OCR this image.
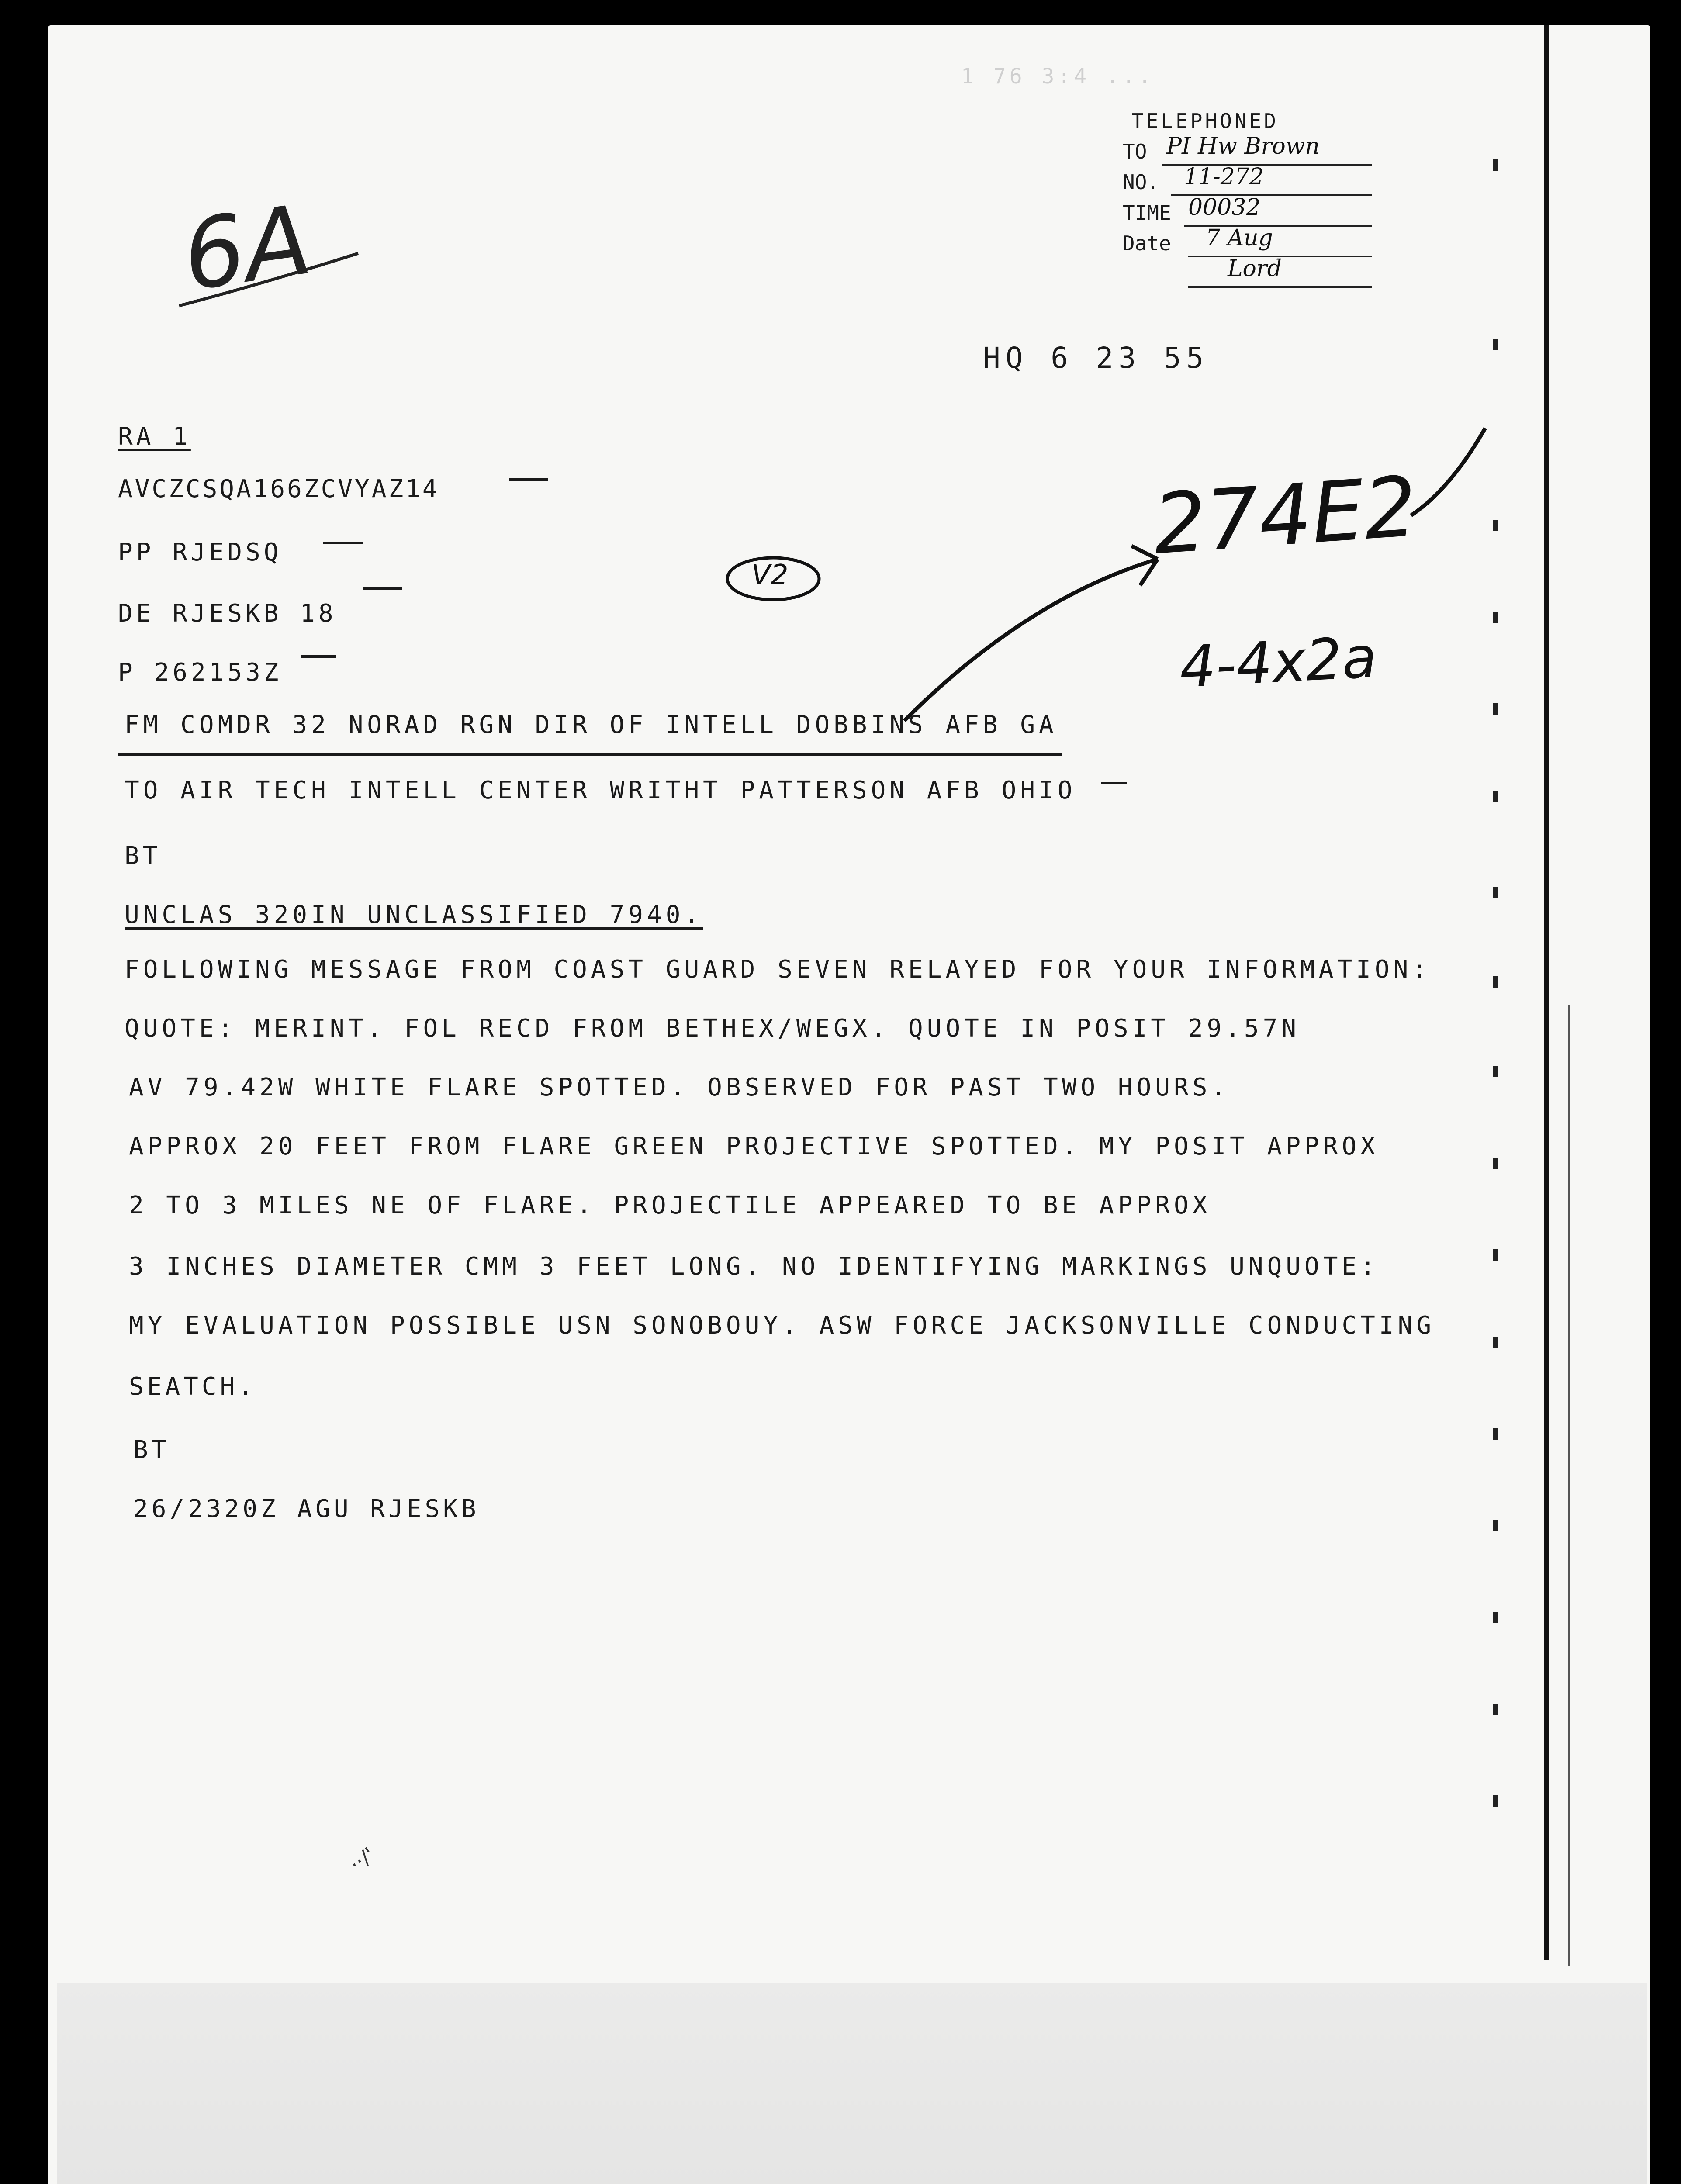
1 76 3:4 ...
6A
TELEPHONED
TO PI Hw Brown
NO. 11-272
TIME 00032
Date 7 Aug
Lord
HQ 6 23 55
RA 1
AVCZCSQA166ZCVYAZ14
PP RJEDSQ
DE RJESKB 18
P 262153Z
FM COMDR 32 NORAD RGN DIR OF INTELL DOBBINS AFB GA
TO AIR TECH INTELL CENTER WRITHT PATTERSON AFB OHIO
BT
UNCLAS 320IN UNCLASSIFIED 7940.
FOLLOWING MESSAGE FROM COAST GUARD SEVEN RELAYED FOR YOUR INFORMATION:
QUOTE: MERINT. FOL RECD FROM BETHEX/WEGX. QUOTE IN POSIT 29.57N
AV 79.42W WHITE FLARE SPOTTED. OBSERVED FOR PAST TWO HOURS.
APPROX 20 FEET FROM FLARE GREEN PROJECTIVE SPOTTED. MY POSIT APPROX
2 TO 3 MILES NE OF FLARE. PROJECTILE APPEARED TO BE APPROX
3 INCHES DIAMETER CMM 3 FEET LONG. NO IDENTIFYING MARKINGS UNQUOTE:
MY EVALUATION POSSIBLE USN SONOBOUY. ASW FORCE JACKSONVILLE CONDUCTING
SEATCH.
BT
26/2320Z AGU RJESKB
V2
274E2
4-4x2a
··/'
